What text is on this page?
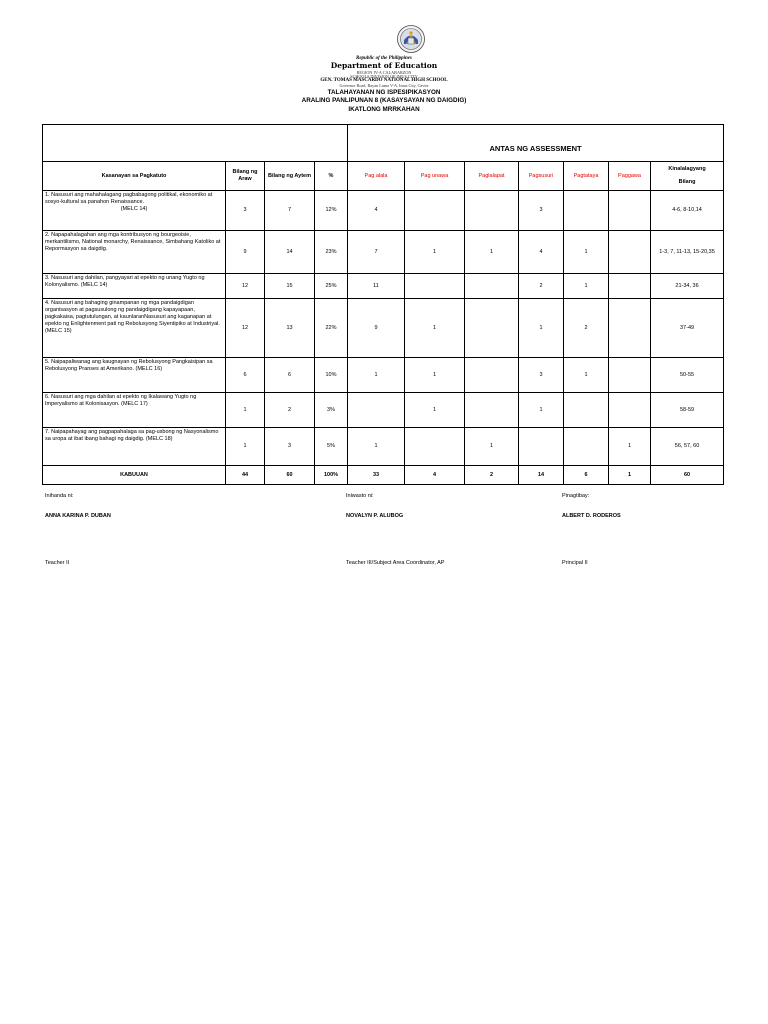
Republic of the Philippines
Department of Education
REGION IV-A CALABARZON
SCHOOLS DIVISION OF IMUS CITY
GEN. TOMAS MASCARDO NATIONAL HIGH SCHOOL
Governor Road, Bayan Luma V-A, Imus City, Cavite
TALAHAYANAN NG ISPESIPIKASYON
ARALING PANLIPUNAN 8 (KASAYSAYAN NG DAIGDIG)
IKATLONG MRRKAHAN
				ANTAS NG ASSESSMENT						
Kasanayan sa Pagkatuto	Bilang ng Araw	Bilang ng Aytem	%	Pag alala	Pag unawa	Paglalapat	Pagsusuri	Pagtataya	Paggawa	Kinalalagyang

Bilang
1. Nasusuri ang mahahalagang pagbabagong politikal, ekonomiko at sosyo-kultural sa panahon Renaissance.
(MELC 14)	3	7	12%	4			3			4-6, 8-10,14
2. Napapahalagahan ang mga kontribusyon ng bourgeoisie, merkantilismo, National monarchy, Renaissance, Simbahang Katoliko at Repormasyon sa daigdig.	9	14	23%	7	1	1	4	1		1-3, 7, 11-13, 15-20,35
3. Nasusuri ang dahilan, pangyayari at epekto ng unang Yugto ng Kolonyalismo. (MELC 14)	12	15	25%	11			2	1		21-34, 36
4. Nasusuri ang bahaging ginampanan ng mga pandaigdigan organisasyon at pagsusulong ng pandaigdigang kapayapaan, pagkakaisa, pagtutulungan, at kaunlaranNasusuri ang kaganapan at epekto ng Enlightenment pati ng Rebolusyong Siyentipiko at Industriyal. (MELC 15)	12	13	22%	9	1		1	2		37-49
5. Naipapaliwanag ang kaugnayan ng Rebolusyong Pangkaisipan sa Rebolusyong Pranses at Amerikano. (MELC 16)	6	6	10%	1	1		3	1		50-55
6. Nasusuri ang mga dahilan at epekto ng Ikalawang Yugto ng Imperyalismo at Kolonisasyon. (MELC 17)	1	2	3%		1		1			58-59
7. Naipapahayag ang pagpapahalaga sa pag-usbong ng Nasyonalismo sa uropa at ibat ibang bahagi ng daigdig. (MELC 18)	1	3	5%	1		1			1	56, 57, 60
KABUUAN	44	60	100%	33	4	2	14	6	1	60
Inihanda ni:
ANNA KARINA P. DUBAN
Teacher II
Iniwasto ni:
NOVALYN P. ALUBOG
Teacher III/Subject Area Coordinator, AP
Pinagtibay:
ALBERT D. RODEROS
Principal II
